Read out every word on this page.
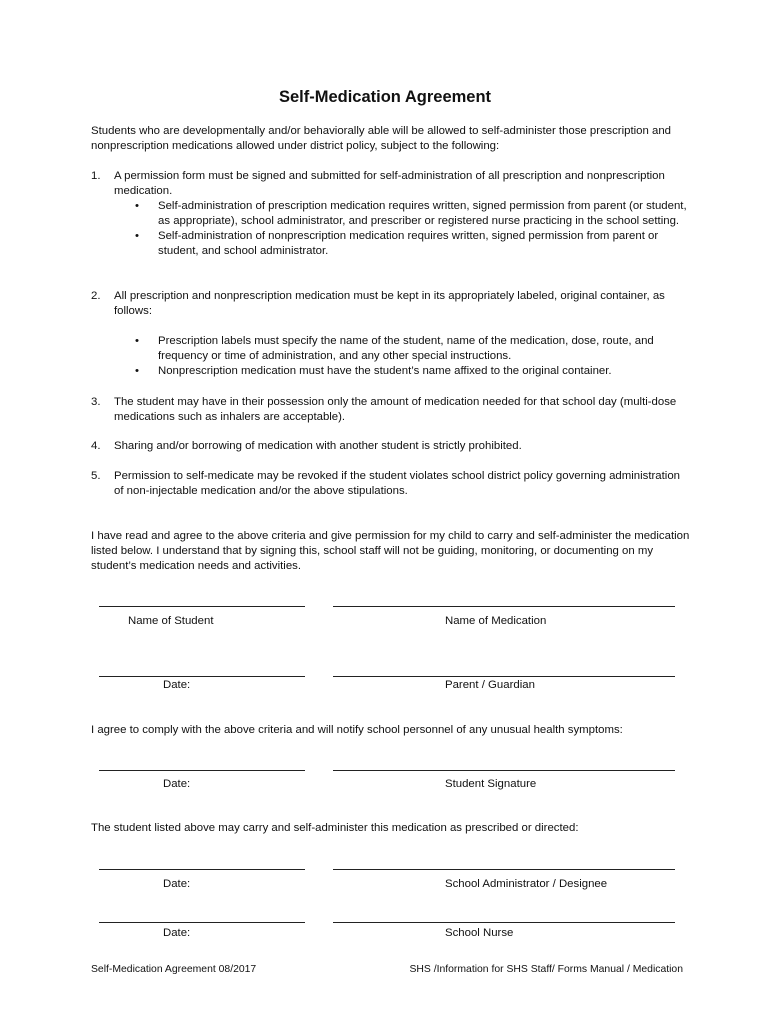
Self-Medication Agreement
Students who are developmentally and/or behaviorally able will be allowed to self-administer those prescription and nonprescription medications allowed under district policy, subject to the following:
1. A permission form must be signed and submitted for self-administration of all prescription and nonprescription medication.
• Self-administration of prescription medication requires written, signed permission from parent (or student, as appropriate), school administrator, and prescriber or registered nurse practicing in the school setting.
• Self-administration of nonprescription medication requires written, signed permission from parent or student, and school administrator.
2. All prescription and nonprescription medication must be kept in its appropriately labeled, original container, as follows:
• Prescription labels must specify the name of the student, name of the medication, dose, route, and frequency or time of administration, and any other special instructions.
• Nonprescription medication must have the student’s name affixed to the original container.
3. The student may have in their possession only the amount of medication needed for that school day (multi-dose medications such as inhalers are acceptable).
4. Sharing and/or borrowing of medication with another student is strictly prohibited.
5. Permission to self-medicate may be revoked if the student violates school district policy governing administration of non-injectable medication and/or the above stipulations.
I have read and agree to the above criteria and give permission for my child to carry and self-administer the medication listed below. I understand that by signing this, school staff will not be guiding, monitoring, or documenting on my student’s medication needs and activities.
Name of Student	Name of Medication
Date:	Parent / Guardian
I agree to comply with the above criteria and will notify school personnel of any unusual health symptoms:
Date:	Student Signature
The student listed above may carry and self-administer this medication as prescribed or directed:
Date:	School Administrator / Designee
Date:	School Nurse
Self-Medication Agreement 08/2017	SHS /Information for SHS Staff/ Forms Manual / Medication
